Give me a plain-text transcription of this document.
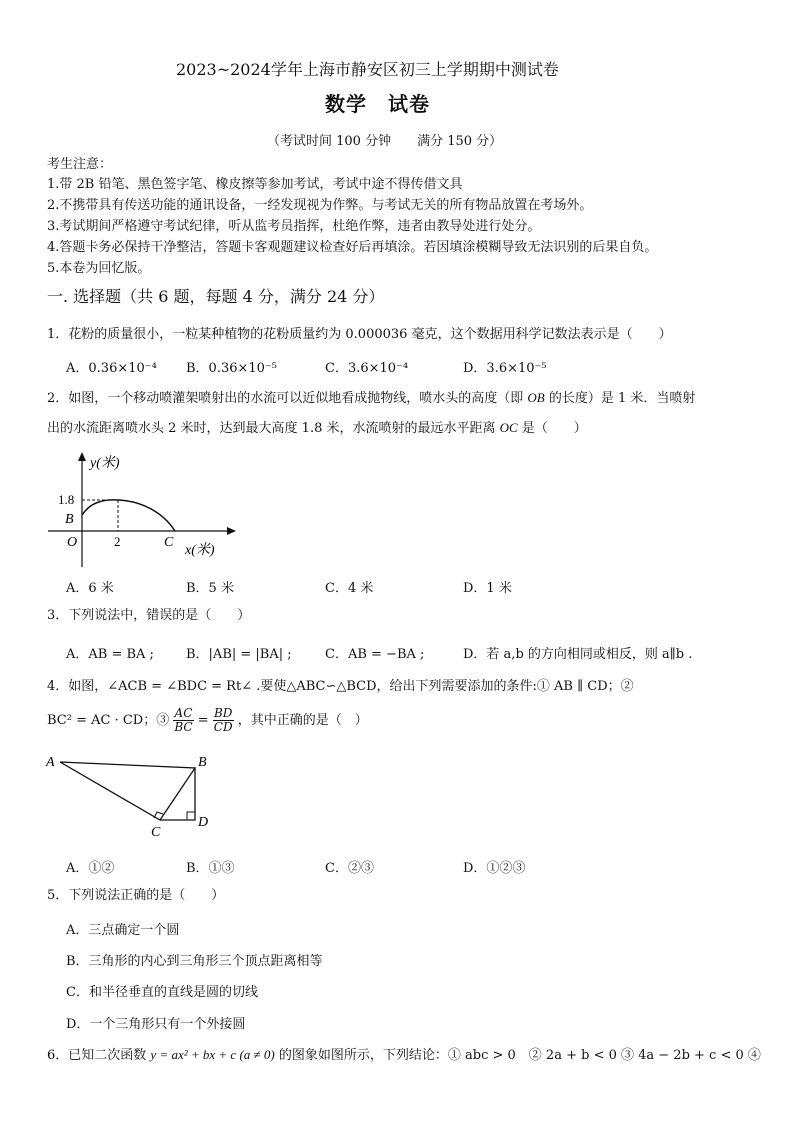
2023~2024学年上海市静安区初三上学期期中测试卷
数学　试卷
（考试时间 100 分钟　　满分 150 分）
考生注意：
1.带 2B 铅笔、黑色签字笔、橡皮擦等参加考试，考试中途不得传借文具
2.不携带具有传送功能的通讯设备，一经发现视为作弊。与考试无关的所有物品放置在考场外。
3.考试期间严格遵守考试纪律，听从监考员指挥，杜绝作弊，违者由教导处进行处分。
4.答题卡务必保持干净整洁，答题卡客观题建议检查好后再填涂。若因填涂模糊导致无法识别的后果自负。
5.本卷为回忆版。
一. 选择题（共 6 题，每题 4 分，满分 24 分）
1．花粉的质量很小，一粒某种植物的花粉质量约为 0.000036 毫克，这个数据用科学记数法表示是（　　）
A．0.36×10⁻⁴ B．0.36×10⁻⁵	C．3.6×10⁻⁴	D．3.6×10⁻⁵
2．如图，一个移动喷灌架喷射出的水流可以近似地看成抛物线，喷水头的高度（即 OB 的长度）是 1 米．当喷射
出的水流距离喷水头 2 米时，达到最大高度 1.8 米，水流喷射的最远水平距离 OC 是（　　）
y(米)
1.8
B
O	2	C
x(米)
A．6 米	B．5 米	C．4 米	D．1 米
3．下列说法中，错误的是（　　）
A．AB = BA ; B．|AB| = |BA| ;	C．AB = −BA ;	D．若 a,b 的方向相同或相反，则 a∥b .
4．如图，∠ACB = ∠BDC = Rt∠ .要使△ABC∽△BCD，给出下列需要添加的条件:① AB ∥ CD；②
BC² = AC · CD；③ $\frac{AC}{BC} = \frac{BD}{CD}$ ，其中正确的是（　）
A	B
C
D
A．①②	B．①③	C．②③	D．①②③
5．下列说法正确的是（　　）
A．三点确定一个圆
B．三角形的内心到三角形三个顶点距离相等
C．和半径垂直的直线是圆的切线
D．一个三角形只有一个外接圆
6．已知二次函数 y = ax² + bx + c (a ≠ 0) 的图象如图所示，下列结论：① abc > 0　② 2a + b < 0 ③ 4a − 2b + c < 0 ④
